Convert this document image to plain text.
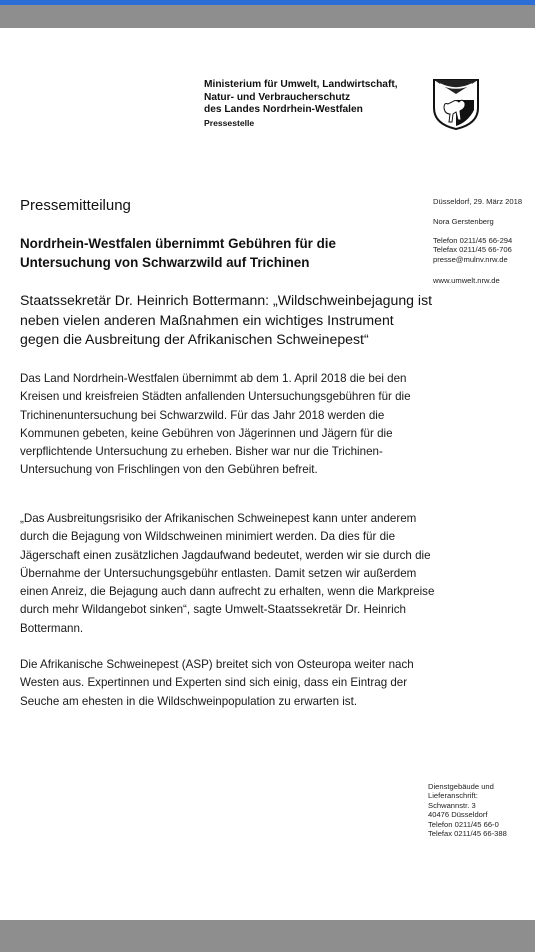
Ministerium für Umwelt, Landwirtschaft,
Natur- und Verbraucherschutz
des Landes Nordrhein-Westfalen
Pressestelle
Düsseldorf, 29. März 2018
Nora Gerstenberg
Telefon 0211/45 66-294
Telefax 0211/45 66-706
presse@mulnv.nrw.de
www.umwelt.nrw.de
Pressemitteilung
Nordrhein-Westfalen übernimmt Gebühren für die Untersuchung von Schwarzwild auf Trichinen
Staatssekretär Dr. Heinrich Bottermann: „Wildschweinbejagung ist neben vielen anderen Maßnahmen ein wichtiges Instrument gegen die Ausbreitung der Afrikanischen Schweinepest“
Das Land Nordrhein-Westfalen übernimmt ab dem 1. April 2018 die bei den Kreisen und kreisfreien Städten anfallenden Untersuchungsgebühren für die Trichinenuntersuchung bei Schwarzwild. Für das Jahr 2018 werden die Kommunen gebeten, keine Gebühren von Jägerinnen und Jägern für die verpflichtende Untersuchung zu erheben. Bisher war nur die Trichinen-Untersuchung von Frischlingen von den Gebühren befreit.
„Das Ausbreitungsrisiko der Afrikanischen Schweinepest kann unter anderem durch die Bejagung von Wildschweinen minimiert werden. Da dies für die Jägerschaft einen zusätzlichen Jagdaufwand bedeutet, werden wir sie durch die Übernahme der Untersuchungsgebühr entlasten. Damit setzen wir außerdem einen Anreiz, die Bejagung auch dann aufrecht zu erhalten, wenn die Markpreise durch mehr Wildangebot sinken“, sagte Umwelt-Staatssekretär Dr. Heinrich Bottermann.
Die Afrikanische Schweinepest (ASP) breitet sich von Osteuropa weiter nach Westen aus. Expertinnen und Experten sind sich einig, dass ein Eintrag der Seuche am ehesten in die Wildschweinpopulation zu erwarten ist.
Dienstgebäude und
Lieferanschrift:
Schwannstr. 3
40476 Düsseldorf
Telefon 0211/45 66-0
Telefax 0211/45 66-388
